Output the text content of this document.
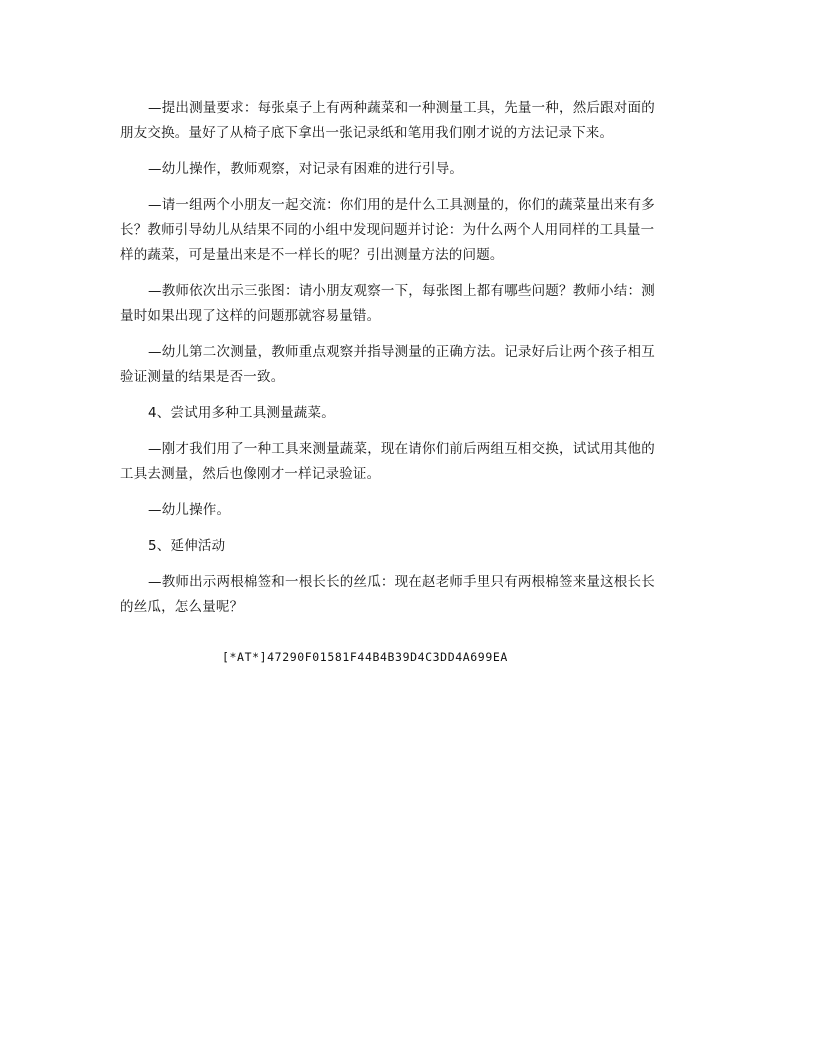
—提出测量要求：每张桌子上有两种蔬菜和一种测量工具，先量一种，然后跟对面的朋友交换。量好了从椅子底下拿出一张记录纸和笔用我们刚才说的方法记录下来。

—幼儿操作，教师观察，对记录有困难的进行引导。

—请一组两个小朋友一起交流：你们用的是什么工具测量的，你们的蔬菜量出来有多长？教师引导幼儿从结果不同的小组中发现问题并讨论：为什么两个人用同样的工具量一样的蔬菜，可是量出来是不一样长的呢？引出测量方法的问题。

—教师依次出示三张图：请小朋友观察一下，每张图上都有哪些问题？教师小结：测量时如果出现了这样的问题那就容易量错。

—幼儿第二次测量，教师重点观察并指导测量的正确方法。记录好后让两个孩子相互验证测量的结果是否一致。

4、尝试用多种工具测量蔬菜。

—刚才我们用了一种工具来测量蔬菜，现在请你们前后两组互相交换，试试用其他的工具去测量，然后也像刚才一样记录验证。

—幼儿操作。

5、延伸活动

—教师出示两根棉签和一根长长的丝瓜：现在赵老师手里只有两根棉签来量这根长长的丝瓜，怎么量呢？

[*AT*]47290F01581F44B4B39D4C3DD4A699EA
